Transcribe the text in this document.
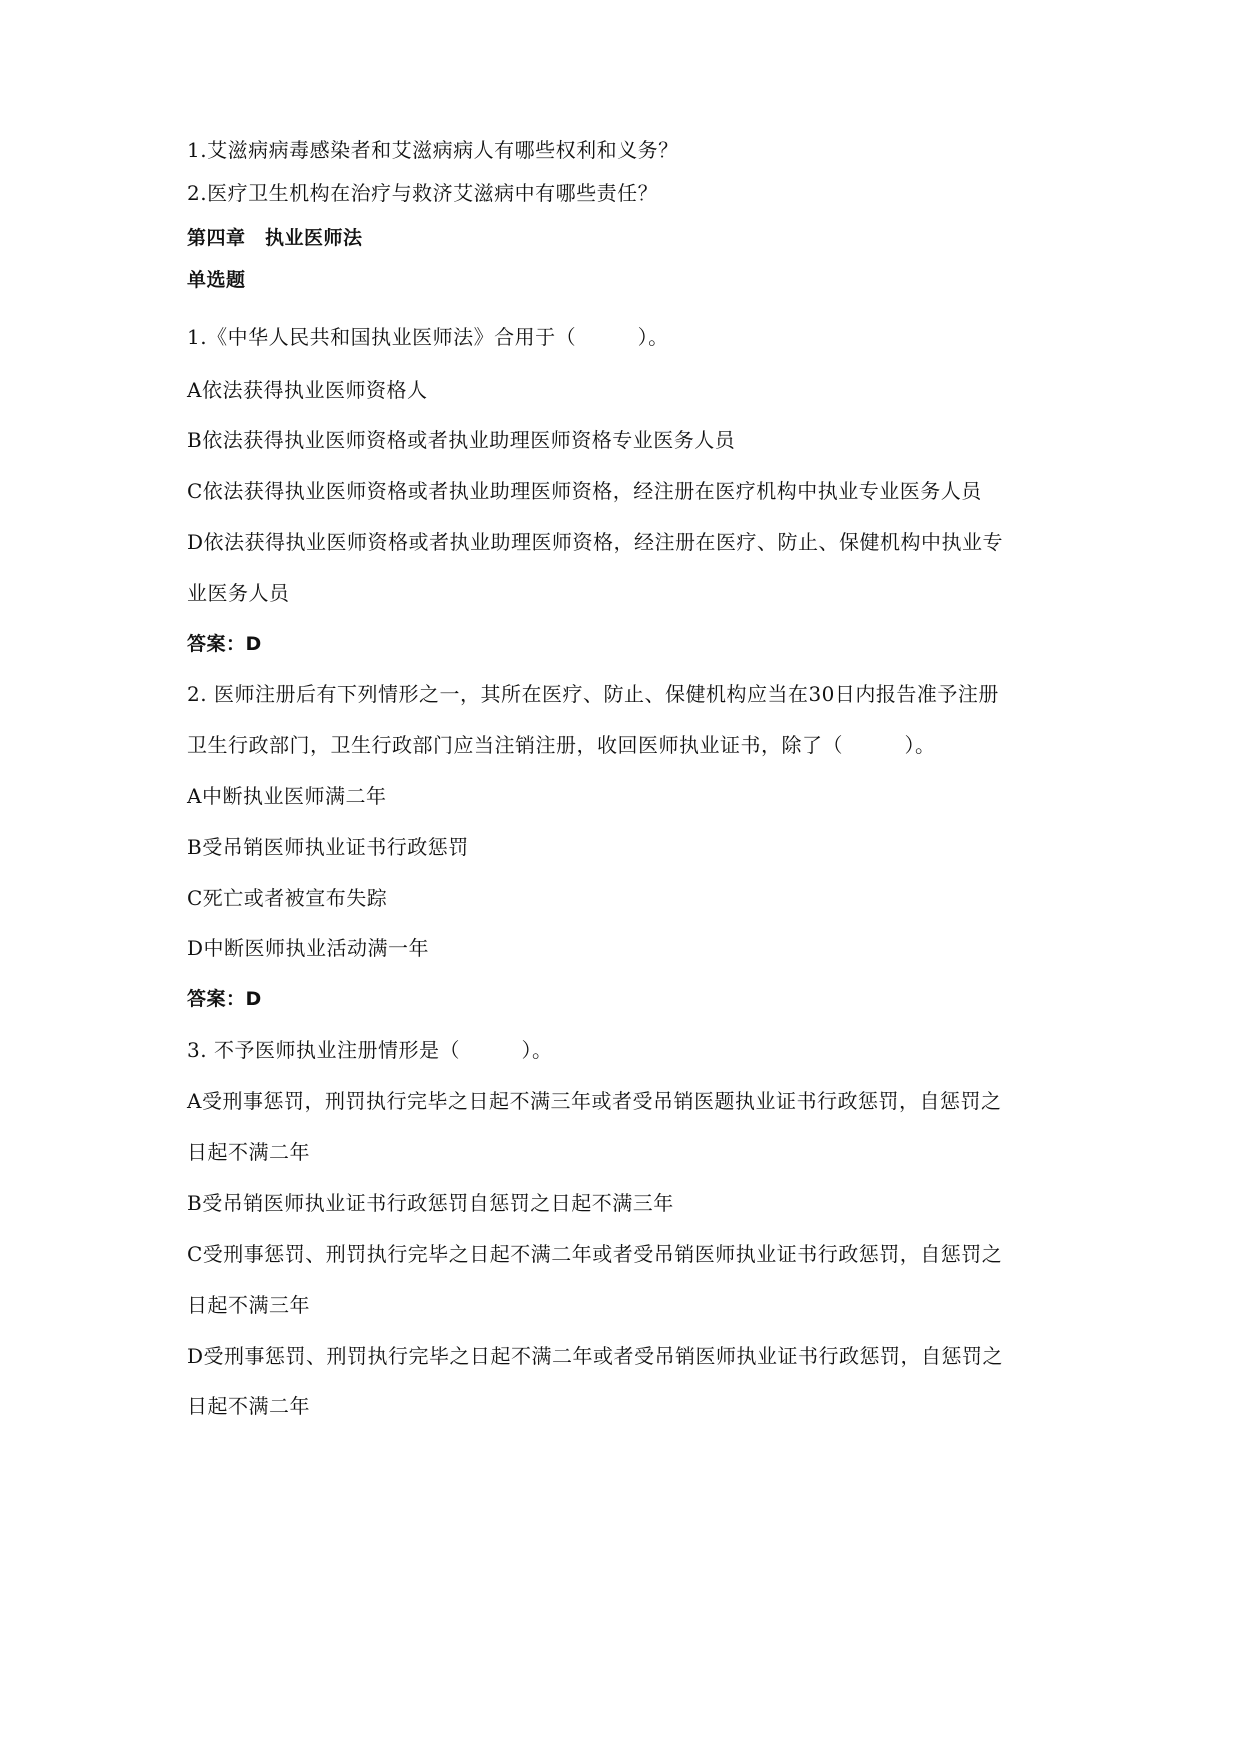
1.艾滋病病毒感染者和艾滋病病人有哪些权利和义务？
2.医疗卫生机构在治疗与救济艾滋病中有哪些责任？
第四章　执业医师法
单选题
1.《中华人民共和国执业医师法》合用于（　　　）。
A依法获得执业医师资格人
B依法获得执业医师资格或者执业助理医师资格专业医务人员
C依法获得执业医师资格或者执业助理医师资格，经注册在医疗机构中执业专业医务人员
D依法获得执业医师资格或者执业助理医师资格，经注册在医疗、防止、保健机构中执业专
业医务人员
答案：D
2. 医师注册后有下列情形之一，其所在医疗、防止、保健机构应当在30日内报告准予注册
卫生行政部门，卫生行政部门应当注销注册，收回医师执业证书，除了（　　　）。
A中断执业医师满二年
B受吊销医师执业证书行政惩罚
C死亡或者被宣布失踪
D中断医师执业活动满一年
答案：D
3. 不予医师执业注册情形是（　　　）。
A受刑事惩罚，刑罚执行完毕之日起不满三年或者受吊销医题执业证书行政惩罚，自惩罚之
日起不满二年
B受吊销医师执业证书行政惩罚自惩罚之日起不满三年
C受刑事惩罚、刑罚执行完毕之日起不满二年或者受吊销医师执业证书行政惩罚，自惩罚之
日起不满三年
D受刑事惩罚、刑罚执行完毕之日起不满二年或者受吊销医师执业证书行政惩罚，自惩罚之
日起不满二年
